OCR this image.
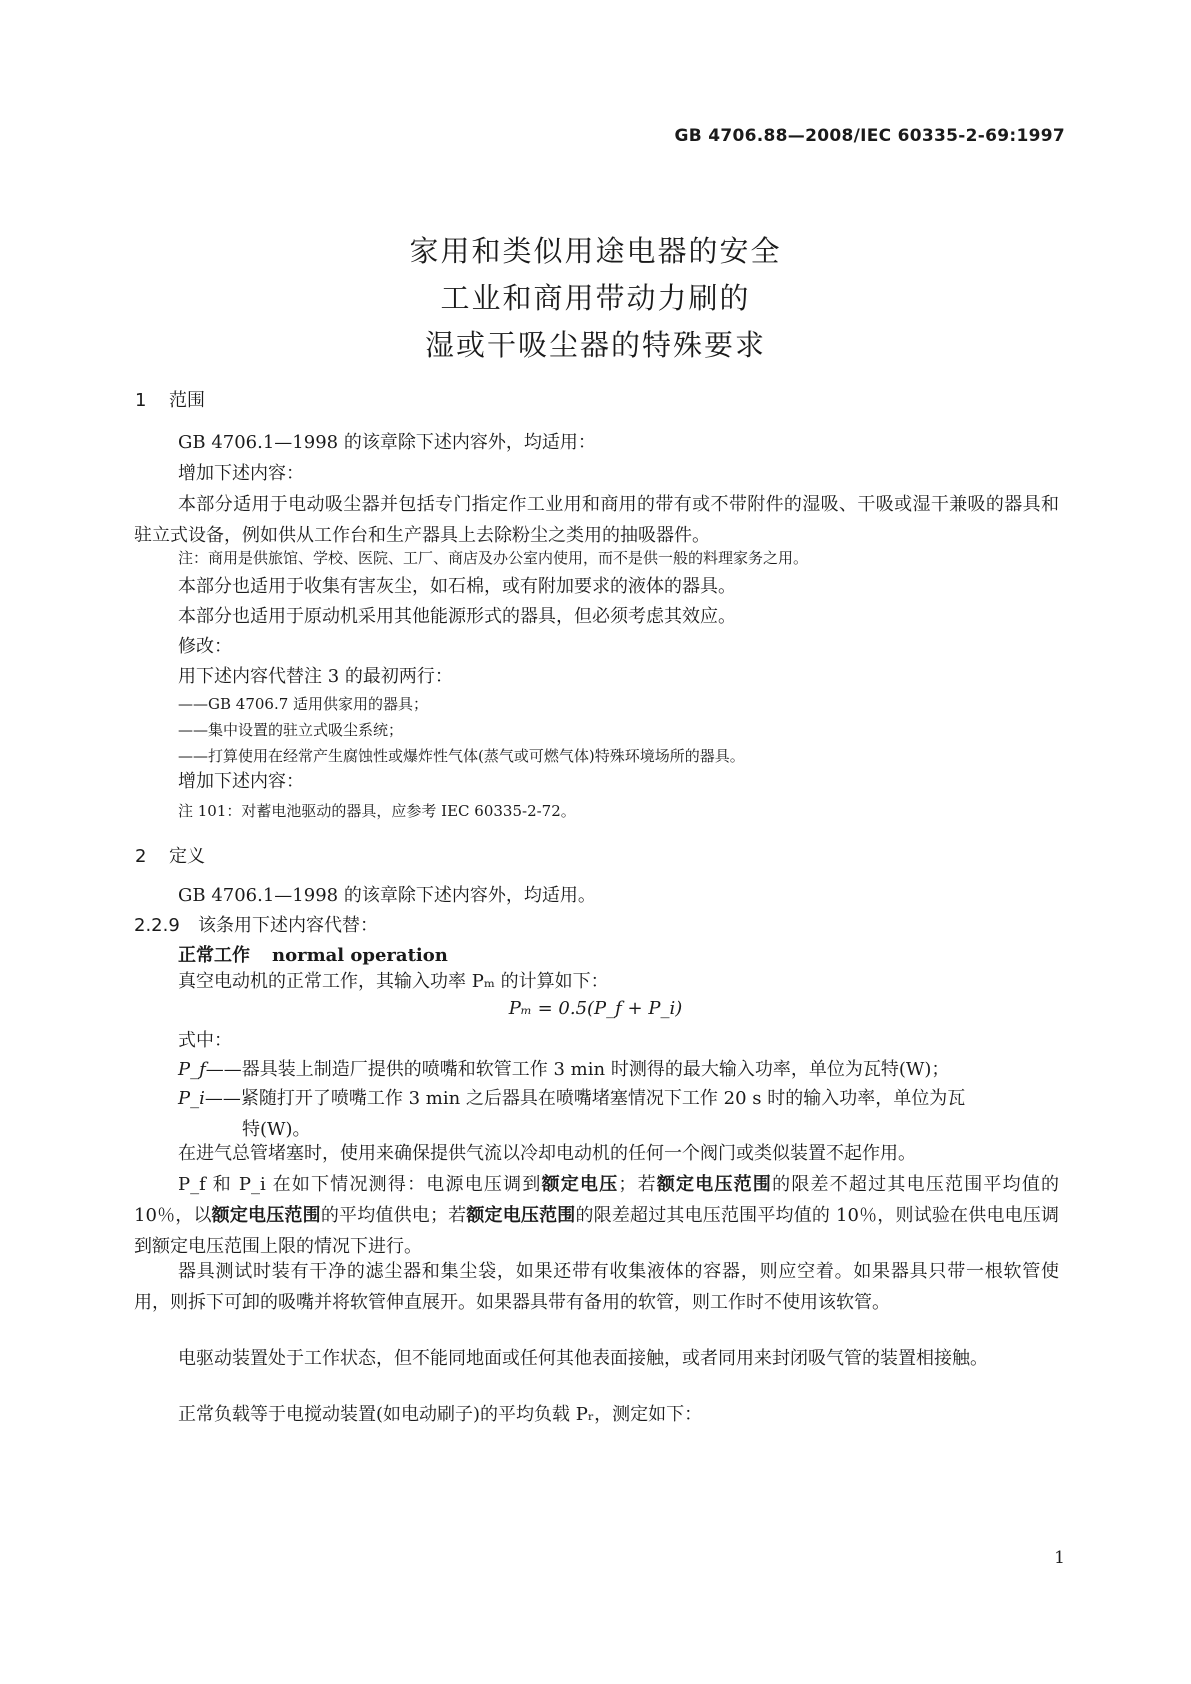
GB 4706.88—2008/IEC 60335-2-69:1997
家用和类似用途电器的安全
工业和商用带动力刷的
湿或干吸尘器的特殊要求
1 范围
GB 4706.1—1998 的该章除下述内容外，均适用：
增加下述内容：
本部分适用于电动吸尘器并包括专门指定作工业用和商用的带有或不带附件的湿吸、干吸或湿干兼吸的器具和驻立式设备，例如供从工作台和生产器具上去除粉尘之类用的抽吸器件。
注：商用是供旅馆、学校、医院、工厂、商店及办公室内使用，而不是供一般的料理家务之用。
本部分也适用于收集有害灰尘，如石棉，或有附加要求的液体的器具。
本部分也适用于原动机采用其他能源形式的器具，但必须考虑其效应。
修改：
用下述内容代替注 3 的最初两行：
——GB 4706.7 适用供家用的器具；
——集中设置的驻立式吸尘系统；
——打算使用在经常产生腐蚀性或爆炸性气体(蒸气或可燃气体)特殊环境场所的器具。
增加下述内容：
注 101：对蓄电池驱动的器具，应参考 IEC 60335-2-72。
2 定义
GB 4706.1—1998 的该章除下述内容外，均适用。
2.2.9 该条用下述内容代替：
正常工作 normal operation
真空电动机的正常工作，其输入功率 Pₘ 的计算如下：
Pₘ = 0.5(P_f + P_i)
式中：
P_f——器具装上制造厂提供的喷嘴和软管工作 3 min 时测得的最大输入功率，单位为瓦特(W)；
P_i——紧随打开了喷嘴工作 3 min 之后器具在喷嘴堵塞情况下工作 20 s 时的输入功率，单位为瓦
特(W)。
在进气总管堵塞时，使用来确保提供气流以冷却电动机的任何一个阀门或类似装置不起作用。
P_f 和 P_i 在如下情况测得：电源电压调到额定电压；若额定电压范围的限差不超过其电压范围平均值的 10％，以额定电压范围的平均值供电；若额定电压范围的限差超过其电压范围平均值的 10％，则试验在供电电压调到额定电压范围上限的情况下进行。
器具测试时装有干净的滤尘器和集尘袋，如果还带有收集液体的容器，则应空着。如果器具只带一根软管使用，则拆下可卸的吸嘴并将软管伸直展开。如果器具带有备用的软管，则工作时不使用该软管。
电驱动装置处于工作状态，但不能同地面或任何其他表面接触，或者同用来封闭吸气管的装置相接触。
正常负载等于电搅动装置(如电动刷子)的平均负载 Pᵣ，测定如下：
1
